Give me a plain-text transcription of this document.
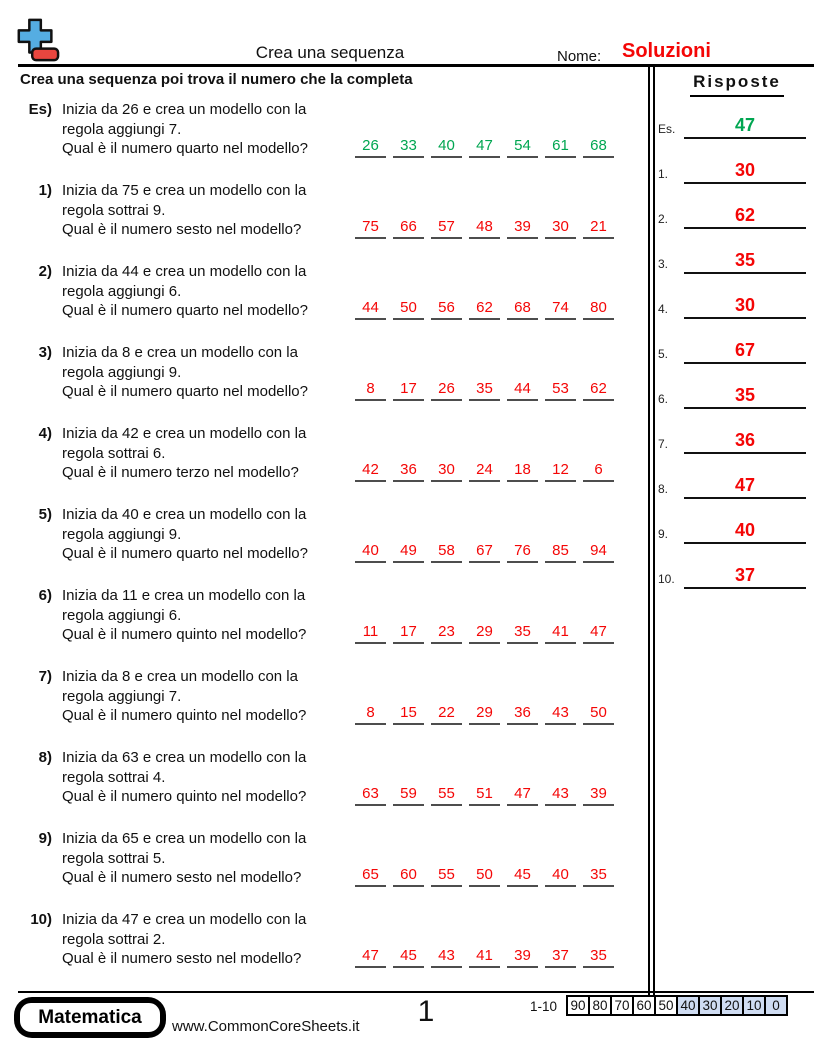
Crea una sequenza	Nome: Soluzioni
Crea una sequenza poi trova il numero che la completa	Risposte
Es.	47
1.	30
2.	62
3.	35
4.	30
5.	67
6.	35
7.	36
8.	47
9.	40
10.	37
Es) Inizia da 26 e crea un modello con la
regola aggiungi 7.
Qual è il numero quarto nel modello?	26 33 40 47 54 61 68
1) Inizia da 75 e crea un modello con la
regola sottrai 9.
Qual è il numero sesto nel modello?	75 66 57 48 39 30 21
2) Inizia da 44 e crea un modello con la
regola aggiungi 6.
Qual è il numero quarto nel modello?	44 50 56 62 68 74 80
3) Inizia da 8 e crea un modello con la
regola aggiungi 9.
Qual è il numero quarto nel modello?	8 17 26 35 44 53 62
4) Inizia da 42 e crea un modello con la
regola sottrai 6.
Qual è il numero terzo nel modello?	42 36 30 24 18 12 6
5) Inizia da 40 e crea un modello con la
regola aggiungi 9.
Qual è il numero quarto nel modello?	40 49 58 67 76 85 94
6) Inizia da 11 e crea un modello con la
regola aggiungi 6.
Qual è il numero quinto nel modello?	11 17 23 29 35 41 47
7) Inizia da 8 e crea un modello con la
regola aggiungi 7.
Qual è il numero quinto nel modello?	8 15 22 29 36 43 50
8) Inizia da 63 e crea un modello con la
regola sottrai 4.
Qual è il numero quinto nel modello?	63 59 55 51 47 43 39
9) Inizia da 65 e crea un modello con la
regola sottrai 5.
Qual è il numero sesto nel modello?	65 60 55 50 45 40 35
10) Inizia da 47 e crea un modello con la
regola sottrai 2.
Qual è il numero sesto nel modello?	47 45 43 41 39 37 35
Matematica	www.CommonCoreSheets.it	1	1-10 90 80 70 60 50 40 30 20 10 0
